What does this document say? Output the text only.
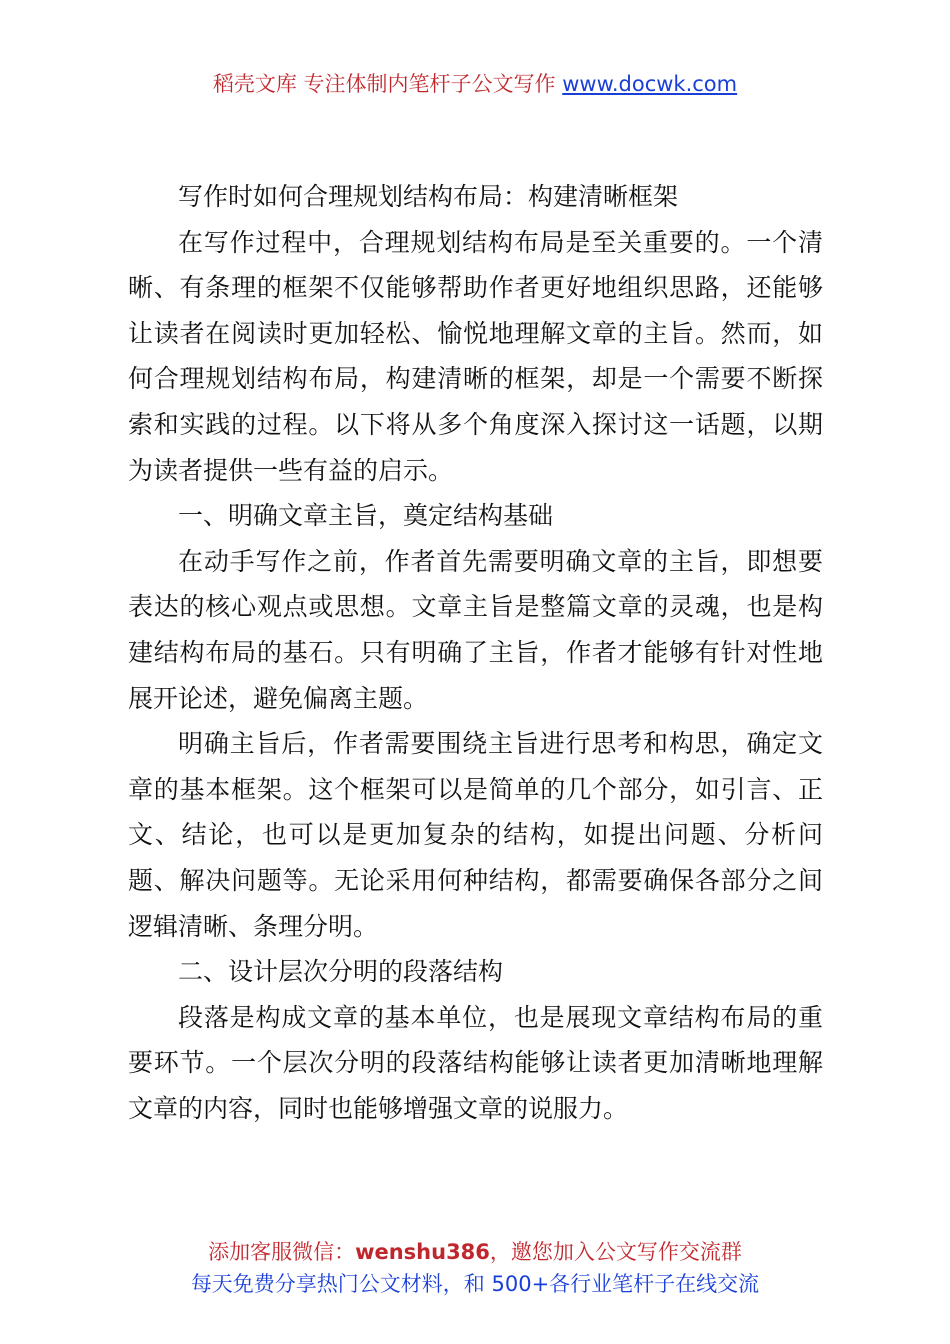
稻壳文库 专注体制内笔杆子公文写作 www.docwk.com

写作时如何合理规划结构布局：构建清晰框架

在写作过程中，合理规划结构布局是至关重要的。一个清晰、有条理的框架不仅能够帮助作者更好地组织思路，还能够让读者在阅读时更加轻松、愉悦地理解文章的主旨。然而，如何合理规划结构布局，构建清晰的框架，却是一个需要不断探索和实践的过程。以下将从多个角度深入探讨这一话题，以期为读者提供一些有益的启示。

一、明确文章主旨，奠定结构基础

在动手写作之前，作者首先需要明确文章的主旨，即想要表达的核心观点或思想。文章主旨是整篇文章的灵魂，也是构建结构布局的基石。只有明确了主旨，作者才能够有针对性地展开论述，避免偏离主题。

明确主旨后，作者需要围绕主旨进行思考和构思，确定文章的基本框架。这个框架可以是简单的几个部分，如引言、正文、结论，也可以是更加复杂的结构，如提出问题、分析问题、解决问题等。无论采用何种结构，都需要确保各部分之间逻辑清晰、条理分明。

二、设计层次分明的段落结构

段落是构成文章的基本单位，也是展现文章结构布局的重要环节。一个层次分明的段落结构能够让读者更加清晰地理解文章的内容，同时也能够增强文章的说服力。

添加客服微信：wenshu386，邀您加入公文写作交流群
每天免费分享热门公文材料，和 500+各行业笔杆子在线交流
